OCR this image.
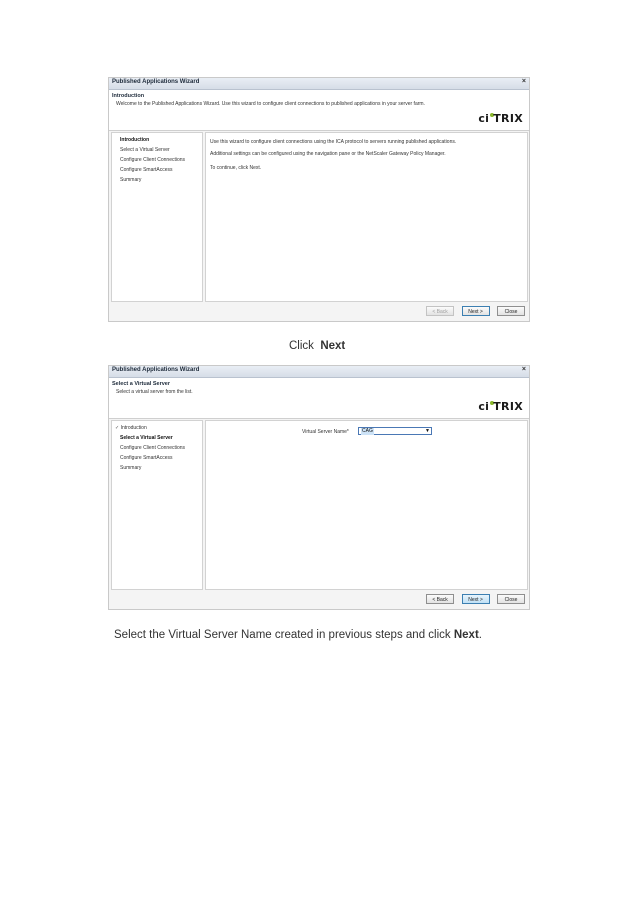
Published Applications Wizard	×
Introduction
Welcome to the Published Applications Wizard. Use this wizard to configure client connections to published applications in your server farm.
ci TRIX
Introduction
Select a Virtual Server
Configure Client Connections
Configure SmartAccess
Summary
Use this wizard to configure client connections using the ICA protocol to servers running published applications.
Additional settings can be configured using the navigation pane or the NetScaler Gateway Policy Manager.
To continue, click Next.
< Back	Next >	Close
Click Next
Published Applications Wizard	×
Select a Virtual Server
Select a virtual server from the list.
ci TRIX
✓ Introduction
Select a Virtual Server
Configure Client Connections
Configure SmartAccess
Summary
Virtual Server Name*	CAG	▼
< Back	Next >	Close
Select the Virtual Server Name created in previous steps and click Next.
